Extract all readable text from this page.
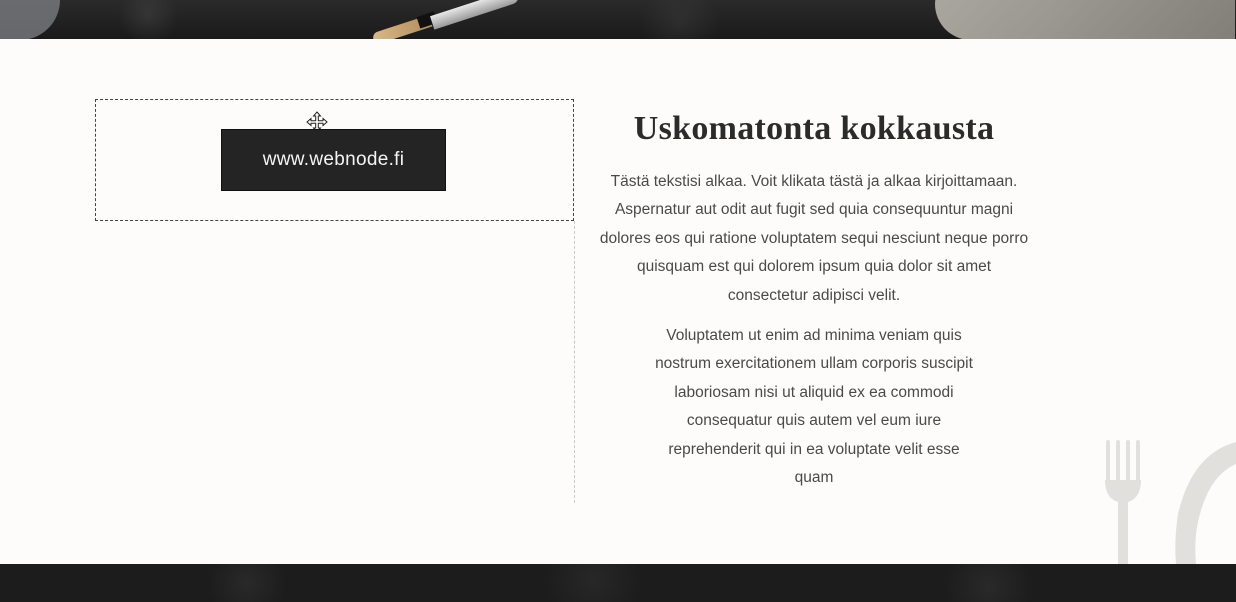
www.webnode.fi
Uskomatonta kokkausta

Tästä tekstisi alkaa. Voit klikata tästä ja alkaa kirjoittamaan. Aspernatur aut odit aut fugit sed quia consequuntur magni dolores eos qui ratione voluptatem sequi nesciunt neque porro quisquam est qui dolorem ipsum quia dolor sit amet consectetur adipisci velit.

Voluptatem ut enim ad minima veniam quis nostrum exercitationem ullam corporis suscipit laboriosam nisi ut aliquid ex ea commodi consequatur quis autem vel eum iure reprehenderit qui in ea voluptate velit esse quam
